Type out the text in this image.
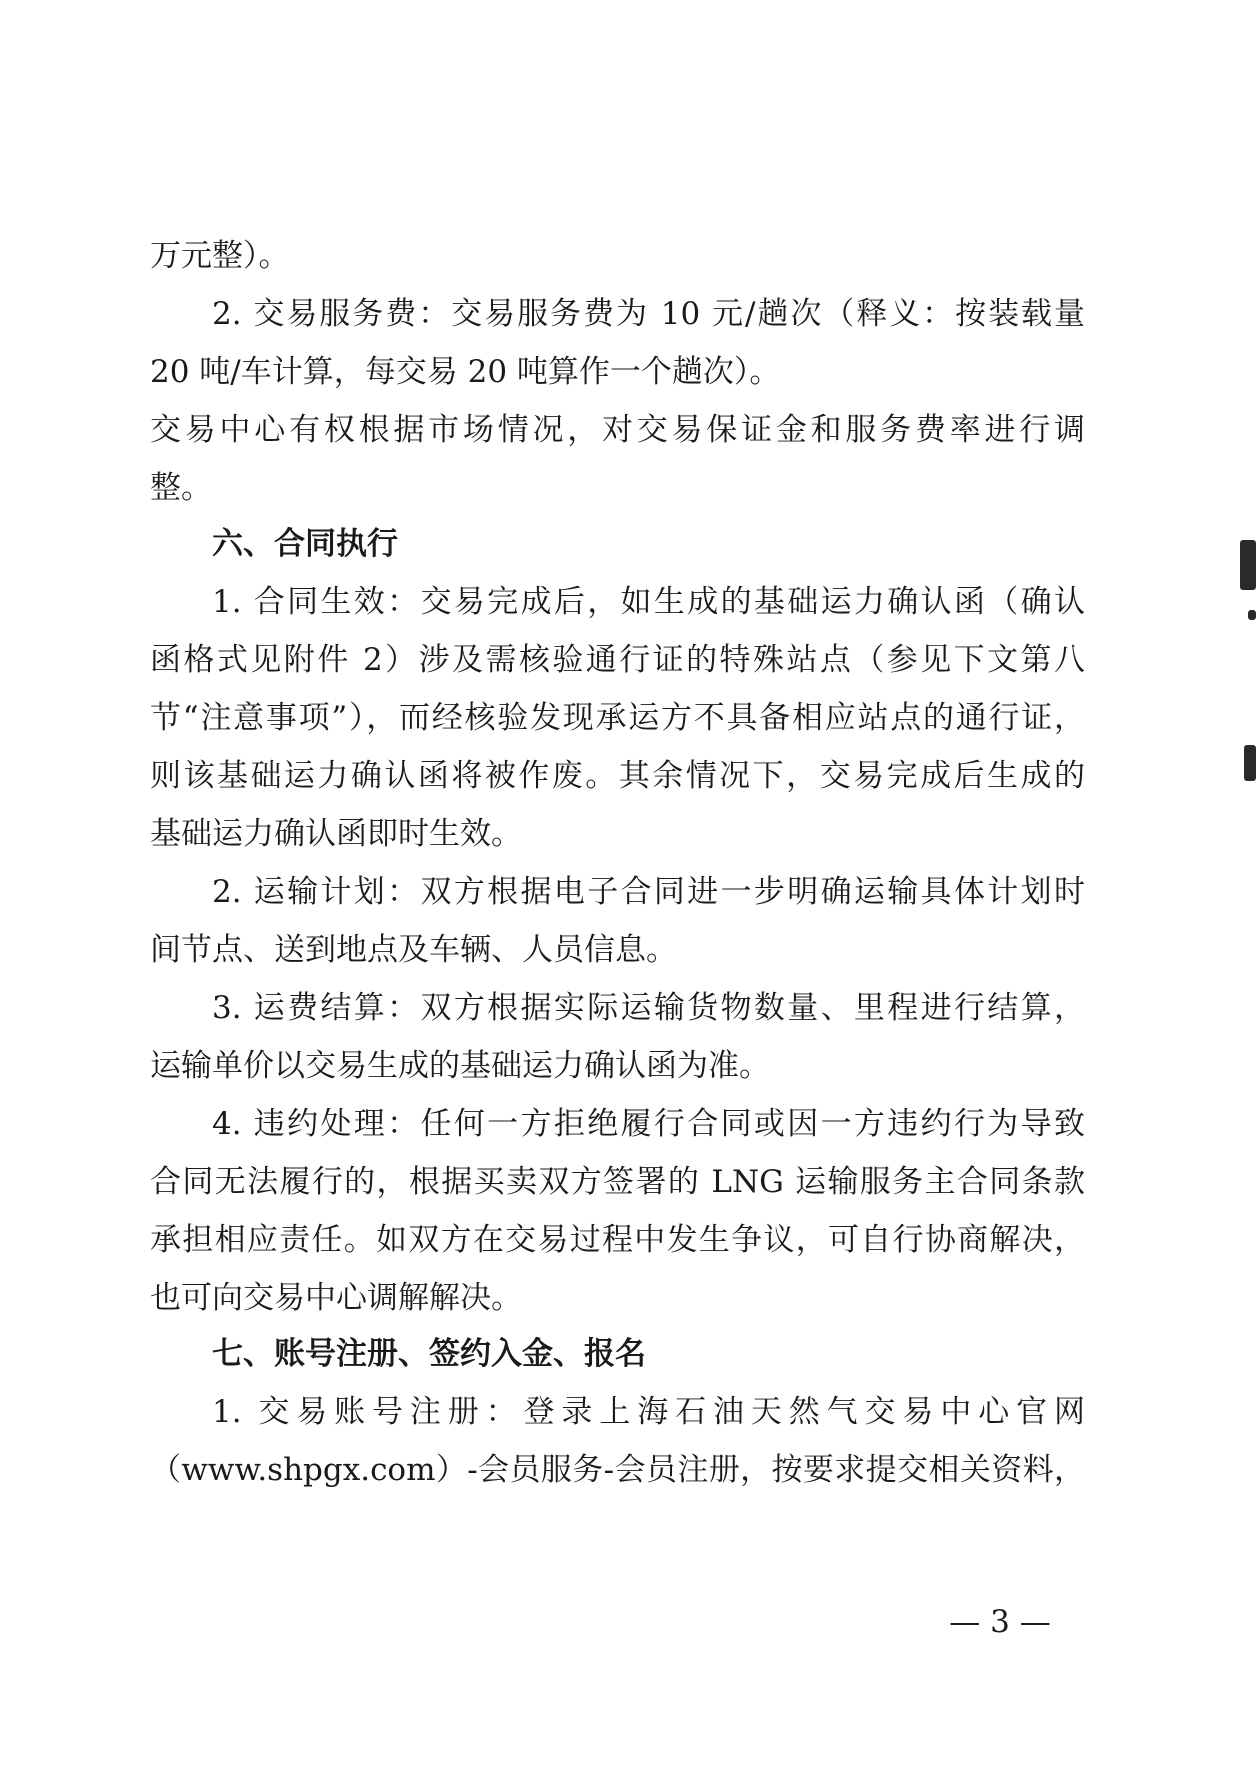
万元整）。
2. 交易服务费：交易服务费为 10 元/趟次（释义：按装载量
20 吨/车计算，每交易 20 吨算作一个趟次）。
交易中心有权根据市场情况，对交易保证金和服务费率进行调
整。
六、合同执行
1. 合同生效：交易完成后，如生成的基础运力确认函（确认
函格式见附件 2）涉及需核验通行证的特殊站点（参见下文第八
节“注意事项”），而经核验发现承运方不具备相应站点的通行证，
则该基础运力确认函将被作废。其余情况下，交易完成后生成的
基础运力确认函即时生效。
2. 运输计划：双方根据电子合同进一步明确运输具体计划时
间节点、送到地点及车辆、人员信息。
3. 运费结算：双方根据实际运输货物数量、里程进行结算，
运输单价以交易生成的基础运力确认函为准。
4. 违约处理：任何一方拒绝履行合同或因一方违约行为导致
合同无法履行的，根据买卖双方签署的 LNG 运输服务主合同条款
承担相应责任。如双方在交易过程中发生争议，可自行协商解决，
也可向交易中心调解解决。
七、账号注册、签约入金、报名
1. 交易账号注册：登录上海石油天然气交易中心官网
（www.shpgx.com）-会员服务-会员注册，按要求提交相关资料，
— 3 —
